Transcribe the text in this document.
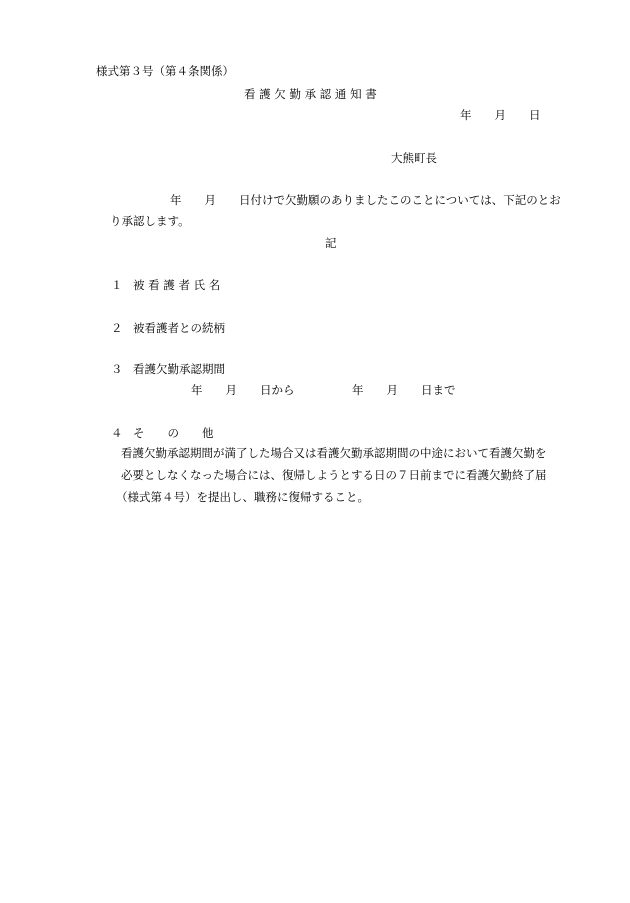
様式第３号（第４条関係）
看 護 欠 勤 承 認 通 知 書
年　　月　　日
大熊町長
年　　月　　日付けで欠勤願のありましたこのことについては、下記のとお
り承認します。
記
１ 被 看 護 者 氏 名
２ 被看護者との続柄
３ 看護欠勤承認期間
年　　月　　日から　　　　　年　　月　　日まで
４ そ　　の　　他
看護欠勤承認期間が満了した場合又は看護欠勤承認期間の中途において看護欠勤を
必要としなくなった場合には、復帰しようとする日の７日前までに看護欠勤終了届
（様式第４号）を提出し、職務に復帰すること。
